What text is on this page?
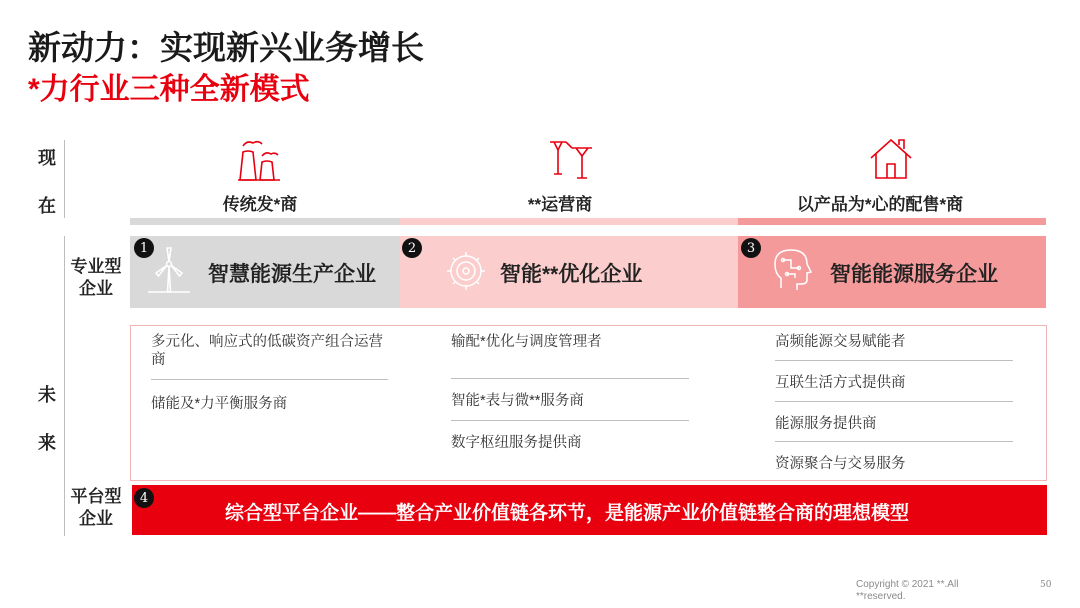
新动力：实现新兴业务增长
*力行业三种全新模式
现
在	传统发*商	**运营商	以产品为*心的配售*商
专业型
企业
未
来
平台型
企业
1	2	3
智慧能源生产企业	智能**优化企业	智能能源服务企业
多元化、响应式的低碳资产组合运营商
储能及*力平衡服务商
输配*优化与调度管理者
智能*表与微**服务商
数字枢纽服务提供商
高频能源交易赋能者
互联生活方式提供商
能源服务提供商
资源聚合与交易服务
4
综合型平台企业——整合产业价值链各环节，是能源产业价值链整合商的理想模型
Copyright © 2021 **.All
**reserved.
50
